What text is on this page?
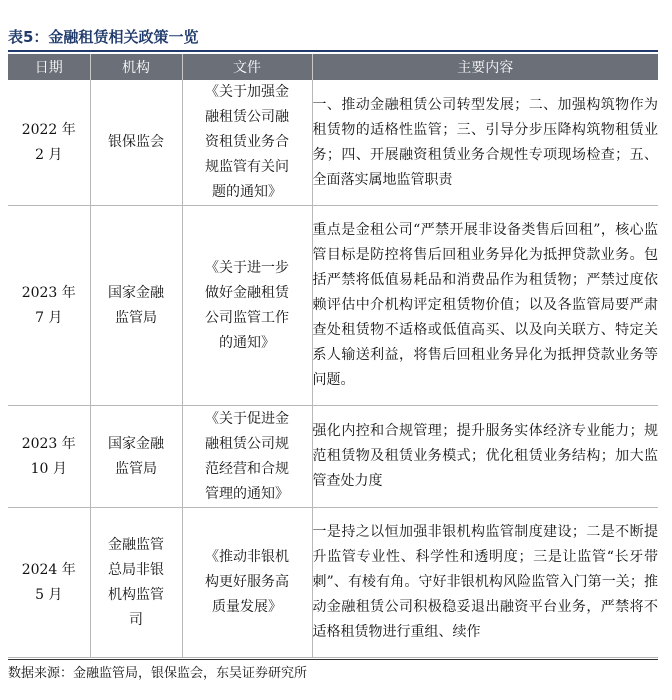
表5：金融租赁相关政策一览
日期	机构	文件	主要内容

2022 年
2 月	银保监会	《关于加强金
融租赁公司融
资租赁业务合
规监管有关问
题的通知》	一、推动金融租赁公司转型发展；二、加强构筑物作为租赁物的适格性监管；三、引导分步压降构筑物租赁业务；四、开展融资租赁业务合规性专项现场检查；五、全面落实属地监管职责

2023 年
7 月	国家金融
监管局	《关于进一步
做好金融租赁
公司监管工作
的通知》	重点是金租公司“严禁开展非设备类售后回租”，核心监管目标是防控将售后回租业务异化为抵押贷款业务。包括严禁将低值易耗品和消费品作为租赁物；严禁过度依赖评估中介机构评定租赁物价值；以及各监管局要严肃查处租赁物不适格或低值高买、以及向关联方、特定关系人输送利益，将售后回租业务异化为抵押贷款业务等问题。

2023 年
10 月	国家金融
监管局	《关于促进金
融租赁公司规
范经营和合规
管理的通知》	强化内控和合规管理；提升服务实体经济专业能力；规范租赁物及租赁业务模式；优化租赁业务结构；加大监管查处力度

2024 年
5 月	金融监管
总局非银
机构监管
司	《推动非银机
构更好服务高
质量发展》	一是持之以恒加强非银机构监管制度建设；二是不断提升监管专业性、科学性和透明度；三是让监管“长牙带刺”、有棱有角。守好非银机构风险监管入门第一关；推动金融租赁公司积极稳妥退出融资平台业务，严禁将不适格租赁物进行重组、续作
数据来源：金融监管局，银保监会，东吴证券研究所
